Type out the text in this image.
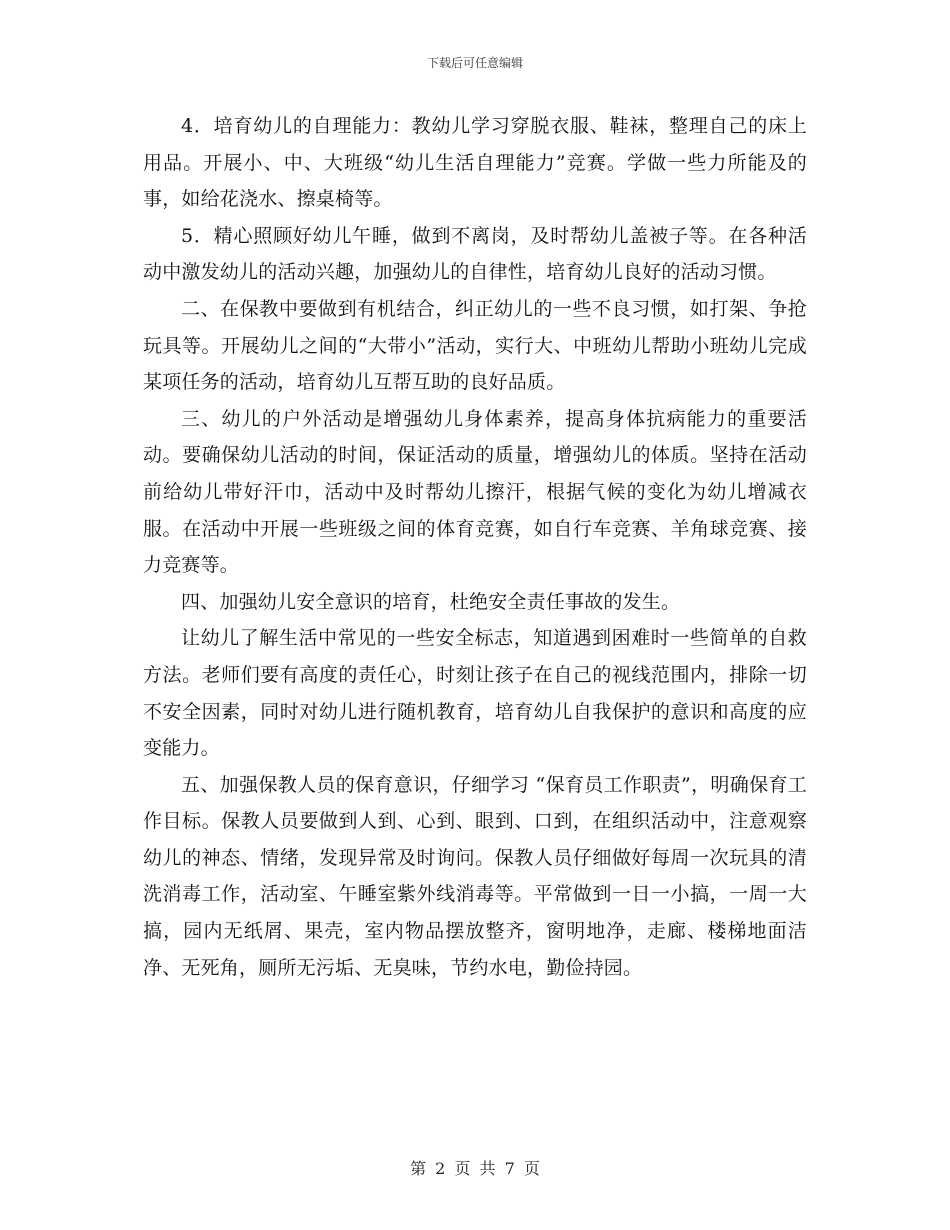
下载后可任意编辑

4．培育幼儿的自理能力：教幼儿学习穿脱衣服、鞋袜，整理自己的床上用品。开展小、中、大班级“幼儿生活自理能力”竞赛。学做一些力所能及的事，如给花浇水、擦桌椅等。

5．精心照顾好幼儿午睡，做到不离岗，及时帮幼儿盖被子等。在各种活动中激发幼儿的活动兴趣，加强幼儿的自律性，培育幼儿良好的活动习惯。

二、在保教中要做到有机结合，纠正幼儿的一些不良习惯，如打架、争抢玩具等。开展幼儿之间的“大带小”活动，实行大、中班幼儿帮助小班幼儿完成某项任务的活动，培育幼儿互帮互助的良好品质。

三、幼儿的户外活动是增强幼儿身体素养，提高身体抗病能力的重要活动。要确保幼儿活动的时间，保证活动的质量，增强幼儿的体质。坚持在活动前给幼儿带好汗巾，活动中及时帮幼儿擦汗，根据气候的变化为幼儿增减衣服。在活动中开展一些班级之间的体育竞赛，如自行车竞赛、羊角球竞赛、接力竞赛等。

四、加强幼儿安全意识的培育，杜绝安全责任事故的发生。

让幼儿了解生活中常见的一些安全标志，知道遇到困难时一些简单的自救方法。老师们要有高度的责任心，时刻让孩子在自己的视线范围内，排除一切不安全因素，同时对幼儿进行随机教育，培育幼儿自我保护的意识和高度的应变能力。

五、加强保教人员的保育意识，仔细学习 “保育员工作职责”，明确保育工作目标。保教人员要做到人到、心到、眼到、口到，在组织活动中，注意观察幼儿的神态、情绪，发现异常及时询问。保教人员仔细做好每周一次玩具的清洗消毒工作，活动室、午睡室紫外线消毒等。平常做到一日一小搞，一周一大搞，园内无纸屑、果壳，室内物品摆放整齐，窗明地净，走廊、楼梯地面洁净、无死角，厕所无污垢、无臭味，节约水电，勤俭持园。

第 2 页 共 7 页
